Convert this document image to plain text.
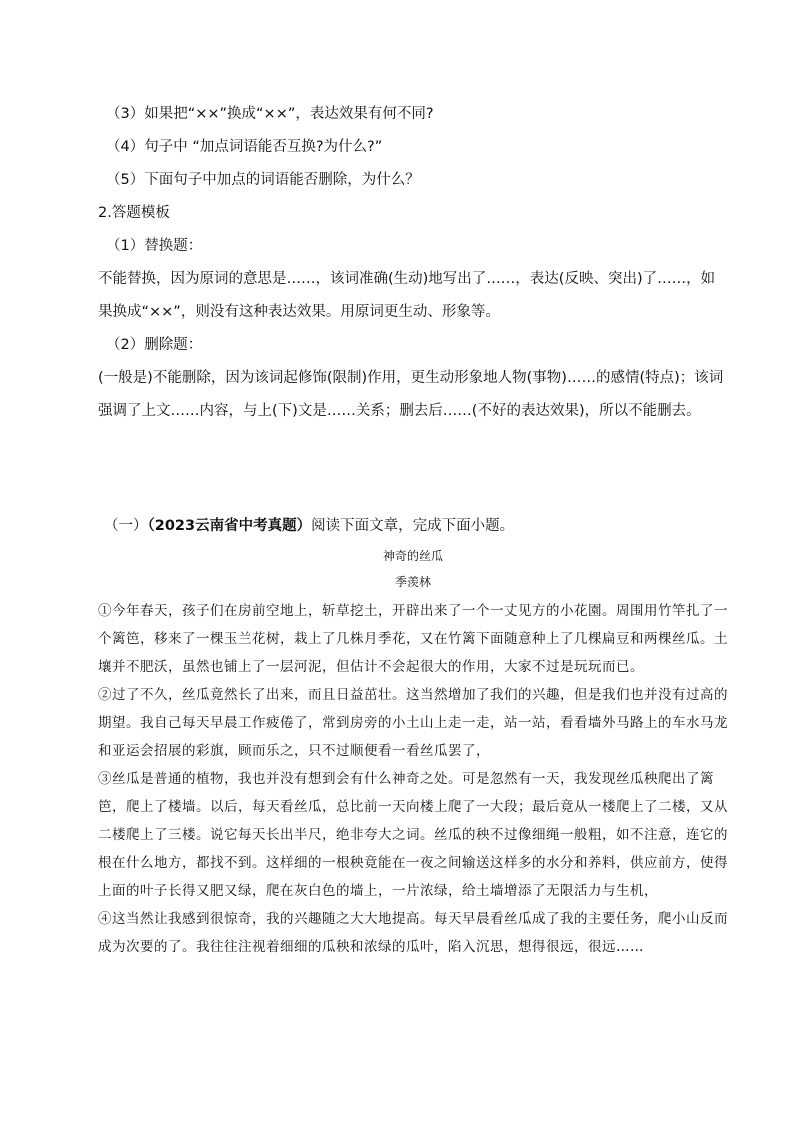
（3）如果把“××”换成“××”，表达效果有何不同?

（4）句子中 “加点词语能否互换?为什么?”

（5）下面句子中加点的词语能否删除，为什么？

2.答题模板

（1）替换题：

不能替换，因为原词的意思是……，该词准确(生动)地写出了……，表达(反映、突出)了……，如果换成“××”，则没有这种表达效果。用原词更生动、形象等。

（2）删除题：

(一般是)不能删除，因为该词起修饰(限制)作用，更生动形象地人物(事物)……的感情(特点)；该词强调了上文……内容，与上(下)文是……关系；删去后……(不好的表达效果)，所以不能删去。

（一）（2023云南省中考真题）阅读下面文章，完成下面小题。

神奇的丝瓜

季羡林

①今年春天，孩子们在房前空地上，斩草挖土，开辟出来了一个一丈见方的小花園。周围用竹竿扎了一个篱笆，移来了一棵玉兰花树，栽上了几株月季花，又在竹篱下面随意种上了几棵扁豆和两棵丝瓜。土壤并不肥沃，虽然也铺上了一层河泥，但估计不会起很大的作用，大家不过是玩玩而已。

②过了不久，丝瓜竟然长了出来，而且日益茁壮。这当然增加了我们的兴趣，但是我们也并没有过高的期望。我自己每天早晨工作疲倦了，常到房旁的小土山上走一走，站一站，看看墙外马路上的车水马龙和亚运会招展的彩旗，顾而乐之，只不过顺便看一看丝瓜罢了，

③丝瓜是普通的植物，我也并没有想到会有什么神奇之处。可是忽然有一天，我发现丝瓜秧爬出了篱笆，爬上了楼墙。以后，每天看丝瓜，总比前一天向楼上爬了一大段；最后竟从一楼爬上了二楼，又从二楼爬上了三楼。说它每天长出半尺，绝非夸大之词。丝瓜的秧不过像细绳一般粗，如不注意，连它的根在什么地方，都找不到。这样细的一根秧竟能在一夜之间输送这样多的水分和养料，供应前方，使得上面的叶子长得又肥又绿，爬在灰白色的墙上，一片浓绿，给土墙增添了无限活力与生机，

④这当然让我感到很惊奇，我的兴趣随之大大地提高。每天早晨看丝瓜成了我的主要任务，爬小山反而成为次要的了。我往往注视着细细的瓜秧和浓绿的瓜叶，陷入沉思，想得很远，很远……
